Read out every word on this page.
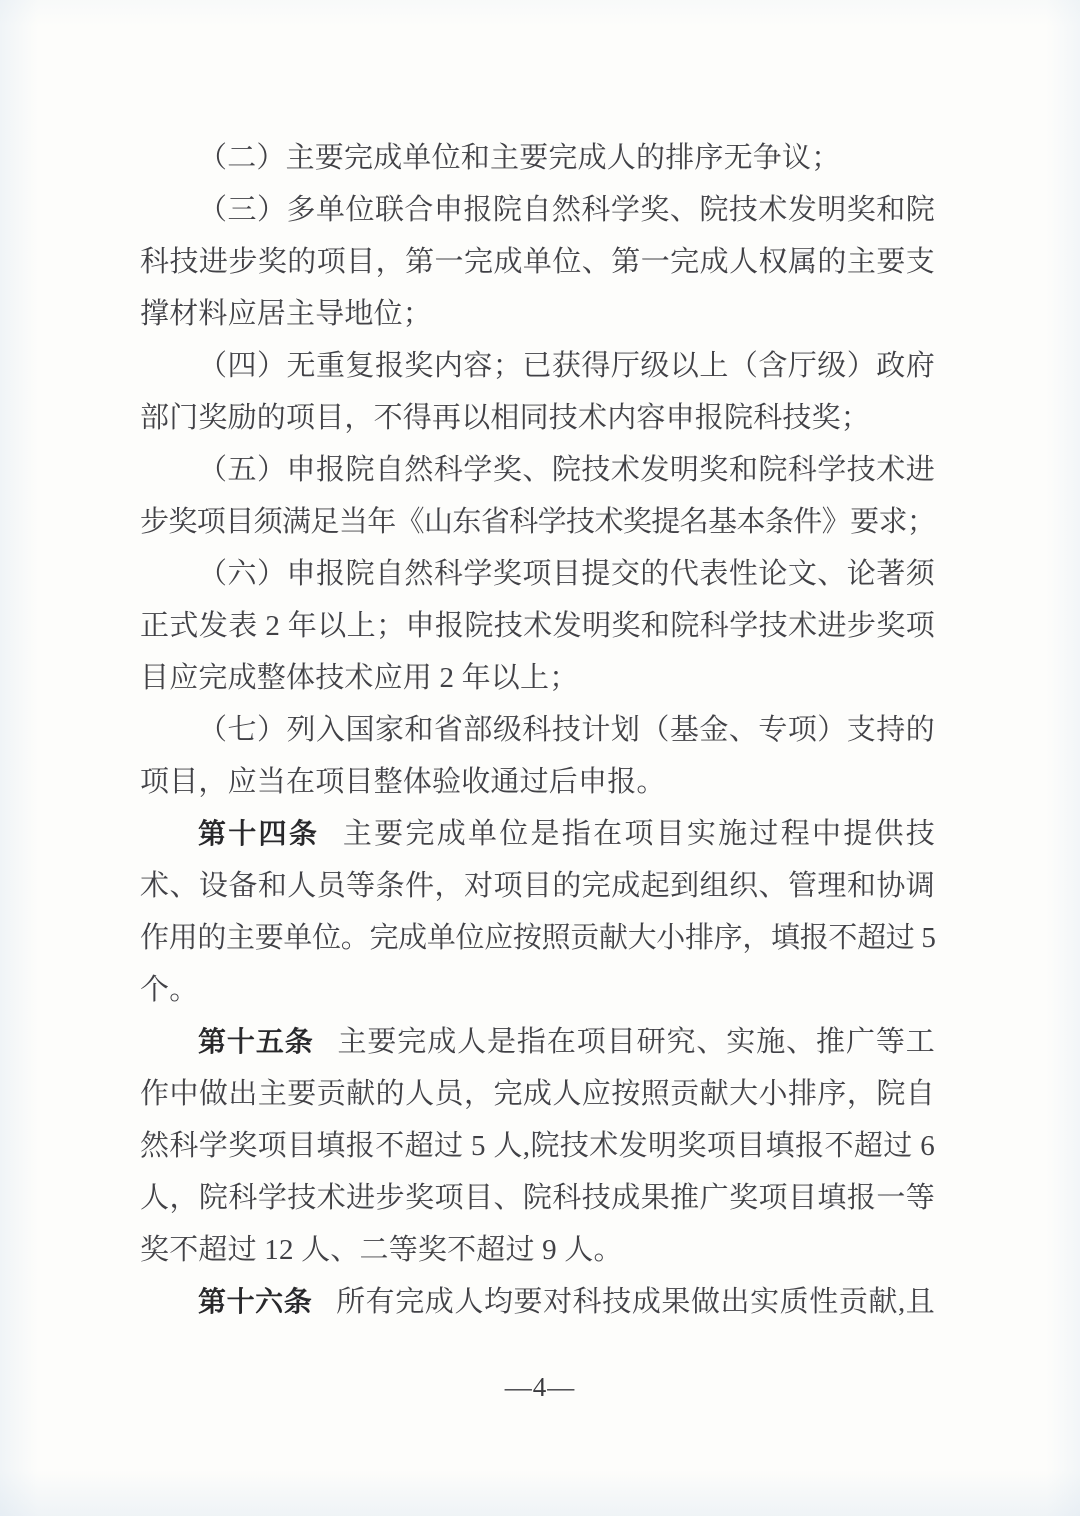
（二）主要完成单位和主要完成人的排序无争议；
（三）多单位联合申报院自然科学奖、院技术发明奖和院
科技进步奖的项目，第一完成单位、第一完成人权属的主要支
撑材料应居主导地位；
（四）无重复报奖内容；已获得厅级以上（含厅级）政府
部门奖励的项目，不得再以相同技术内容申报院科技奖；
（五）申报院自然科学奖、院技术发明奖和院科学技术进
步奖项目须满足当年《山东省科学技术奖提名基本条件》要求；
（六）申报院自然科学奖项目提交的代表性论文、论著须
正式发表 2 年以上；申报院技术发明奖和院科学技术进步奖项
目应完成整体技术应用 2 年以上；
（七）列入国家和省部级科技计划（基金、专项）支持的
项目，应当在项目整体验收通过后申报。
第十四条 主要完成单位是指在项目实施过程中提供技
术、设备和人员等条件，对项目的完成起到组织、管理和协调
作用的主要单位。完成单位应按照贡献大小排序，填报不超过 5
个。
第十五条 主要完成人是指在项目研究、实施、推广等工
作中做出主要贡献的人员，完成人应按照贡献大小排序，院自
然科学奖项目填报不超过 5 人,院技术发明奖项目填报不超过 6
人，院科学技术进步奖项目、院科技成果推广奖项目填报一等
奖不超过 12 人、二等奖不超过 9 人。
第十六条 所有完成人均要对科技成果做出实质性贡献,且
—4—
